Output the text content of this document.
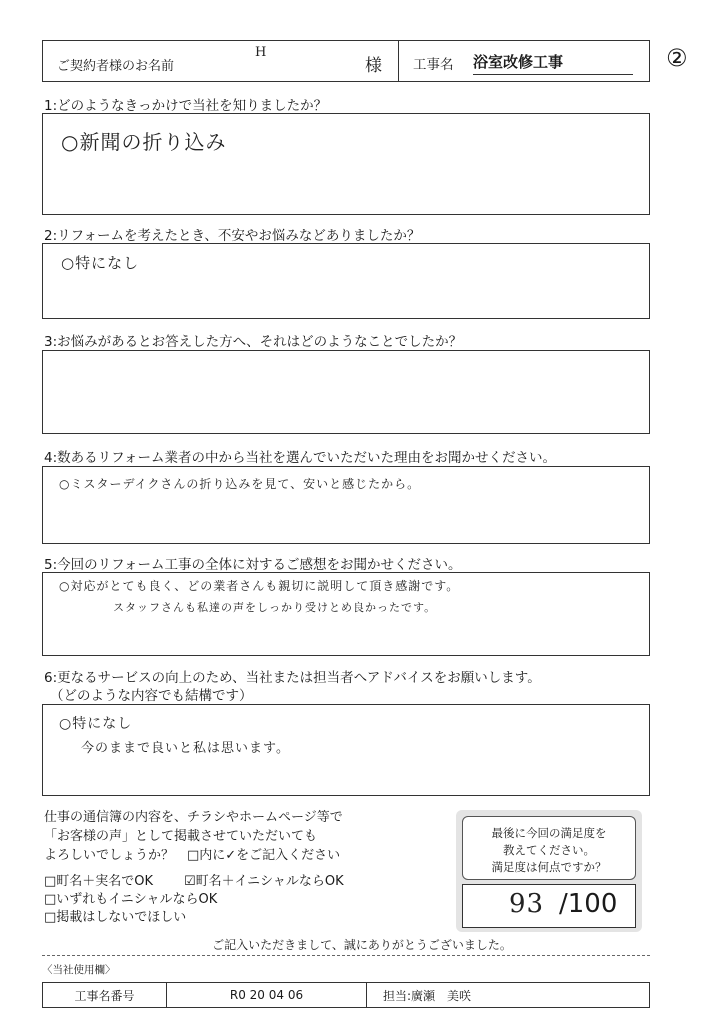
ご契約者様のお名前
H
様 工事名 浴室改修工事	②
1:どのようなきっかけで当社を知りましたか？
○新聞の折り込み
2:リフォームを考えたとき、不安やお悩みなどありましたか？
○特になし
3:お悩みがあるとお答えした方へ、それはどのようなことでしたか？
4:数あるリフォーム業者の中から当社を選んでいただいた理由をお聞かせください。
○ミスターデイクさんの折り込みを見て、安いと感じたから。
5:今回のリフォーム工事の全体に対するご感想をお聞かせください。
○対応がとても良く、どの業者さんも親切に説明して頂き感謝です。
スタッフさんも私達の声をしっかり受けとめ良かったです。
6:更なるサービスの向上のため、当社または担当者へアドバイスをお願いします。
（どのような内容でも結構です）
○特になし
今のままで良いと私は思います。
仕事の通信簿の内容を、チラシやホームページ等で
「お客様の声」として掲載させていただいても
よろしいでしょうか？　□内に✓をご記入ください
□町名＋実名でOK ☑町名＋イニシャルならOK
□いずれもイニシャルならOK
□掲載はしないでほしい
最後に今回の満足度を
教えてください。
満足度は何点ですか？
93 /100
ご記入いただきまして、誠にありがとうございました。
〈当社使用欄〉
工事名番号	R0 20 04 06	担当:廣瀬　美咲
